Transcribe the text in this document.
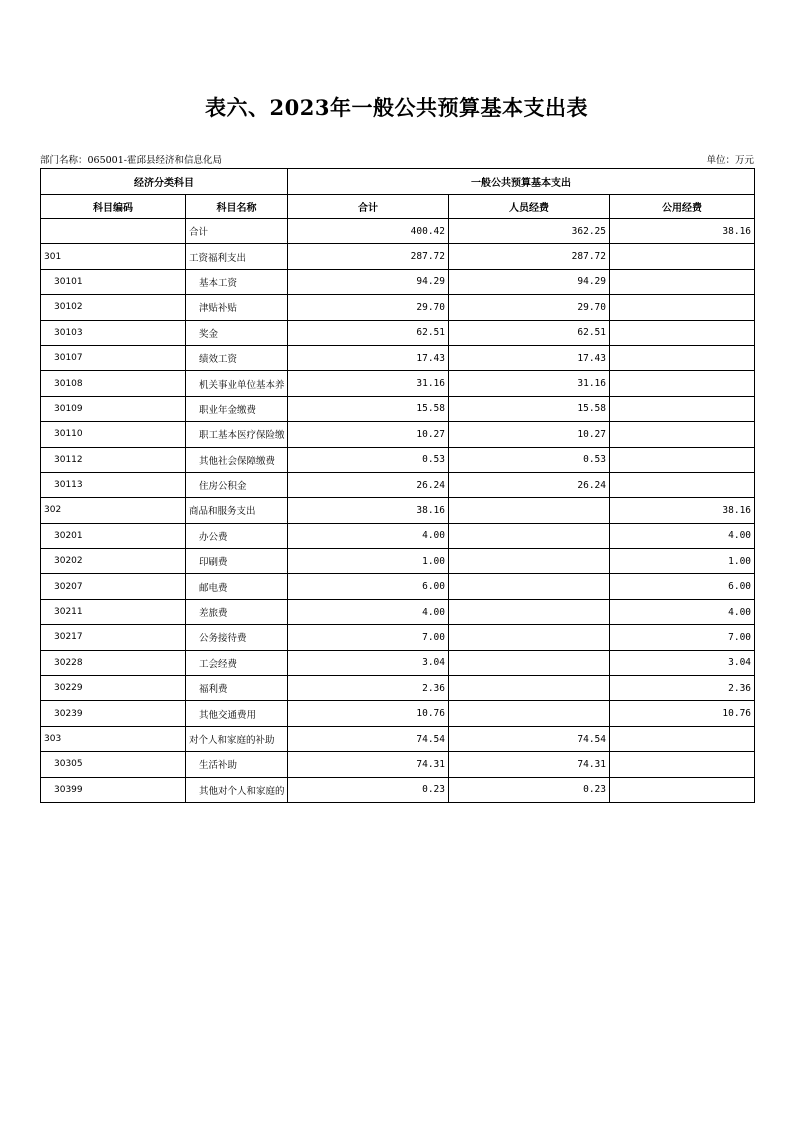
表六、2023年一般公共预算基本支出表
部门名称：065001-霍邱县经济和信息化局	单位：万元
经济分类科目		一般公共预算基本支出		
科目编码	科目名称	合计	人员经费	公用经费
	合计	400.42	362.25	38.16
301	工资福利支出	287.72	287.72	
30101	基本工资	94.29	94.29	
30102	津贴补贴	29.70	29.70	
30103	奖金	62.51	62.51	
30107	绩效工资	17.43	17.43	
30108	机关事业单位基本养	31.16	31.16	
30109	职业年金缴费	15.58	15.58	
30110	职工基本医疗保险缴	10.27	10.27	
30112	其他社会保障缴费	0.53	0.53	
30113	住房公积金	26.24	26.24	
302	商品和服务支出	38.16		38.16
30201	办公费	4.00		4.00
30202	印刷费	1.00		1.00
30207	邮电费	6.00		6.00
30211	差旅费	4.00		4.00
30217	公务接待费	7.00		7.00
30228	工会经费	3.04		3.04
30229	福利费	2.36		2.36
30239	其他交通费用	10.76		10.76
303	对个人和家庭的补助	74.54	74.54	
30305	生活补助	74.31	74.31	
30399	其他对个人和家庭的	0.23	0.23	
